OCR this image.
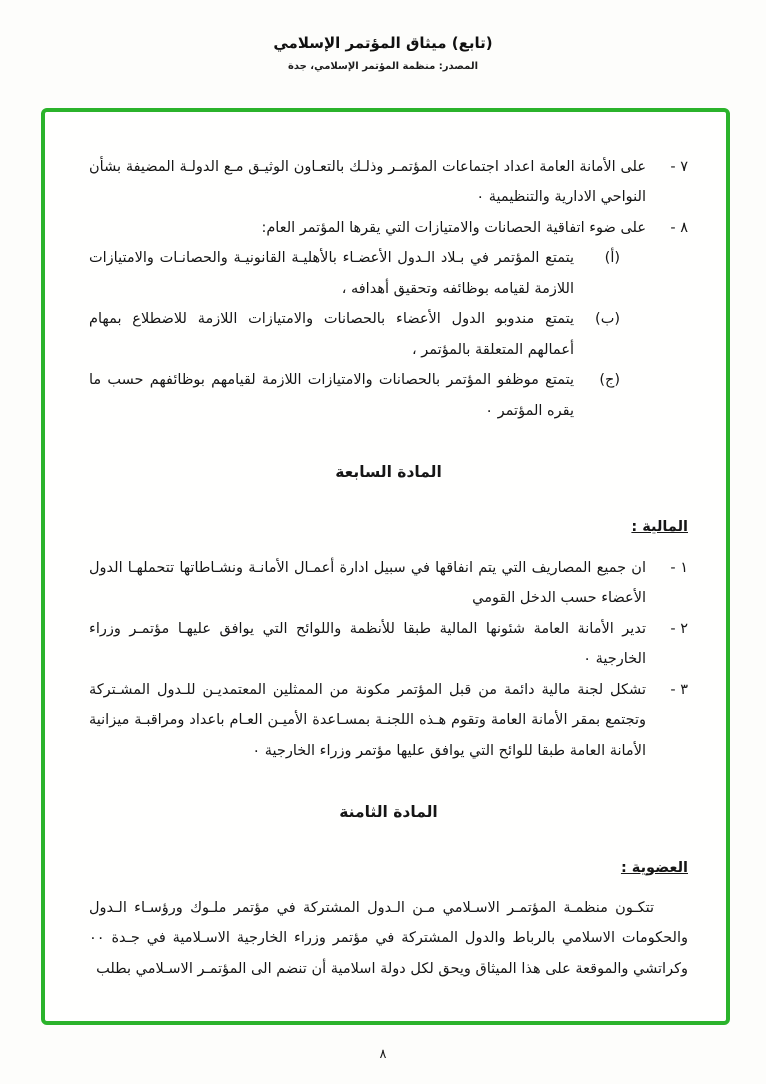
(تابع) ميثاق المؤتمر الإسلامي
المصدر: منظمة المؤتمر الإسلامي، جدة
٧ -
على الأمانة العامة اعداد اجتماعات المؤتمـر وذلـك بالتعـاون الوثيـق مـع الدولـة المضيفة بشأن النواحي الادارية والتنظيمية ٠
٨ -
على ضوء اتفاقية الحصانات والامتيازات التي يقرها المؤتمر العام:
(أ)
يتمتع المؤتمر في بـلاد الـدول الأعضـاء بالأهليـة القانونيـة والحصانـات والامتيازات اللازمة لقيامه بوظائفه وتحقيق أهدافه ،
(ب)
يتمتع مندوبو الدول الأعضاء بالحصانات والامتيازات اللازمة للاضطلاع بمهام أعمالهم المتعلقة بالمؤتمر ،
(ج)
يتمتع موظفو المؤتمر بالحصانات والامتيازات اللازمة لقيامهم بوظائفهم حسب ما يقره المؤتمر ٠
المادة السابعة
المالية :
١ -
ان جميع المصاريف التي يتم انفاقها في سبيل ادارة أعمـال الأمانـة ونشـاطاتها تتحملهـا الدول الأعضاء حسب الدخل القومي
٢ -
تدير الأمانة العامة شئونها المالية طبقا للأنظمة واللوائح التي يوافق عليهـا مؤتمـر وزراء الخارجية ٠
٣ -
تشكل لجنة مالية دائمة من قبل المؤتمر مكونة من الممثلين المعتمديـن للـدول المشـتركة وتجتمع بمقر الأمانة العامة وتقوم هـذه اللجنـة بمسـاعدة الأميـن العـام باعداد ومراقبـة ميزانية الأمانة العامة طبقا للوائح التي يوافق عليها مؤتمر وزراء الخارجية ٠
المادة الثامنة
العضوية :

تتكـون منظمـة المؤتمـر الاسـلامي مـن الـدول المشتركة في مؤتمر ملـوك ورؤسـاء الـدول والحكومات الاسلامي بالرباط والدول المشتركة في مؤتمر وزراء الخارجية الاسـلامية في جـدة ٠٠ وكراتشي والموقعة على هذا الميثاق ويحق لكل دولة اسلامية أن تنضم الى المؤتمـر الاسـلامي بطلب

٨
